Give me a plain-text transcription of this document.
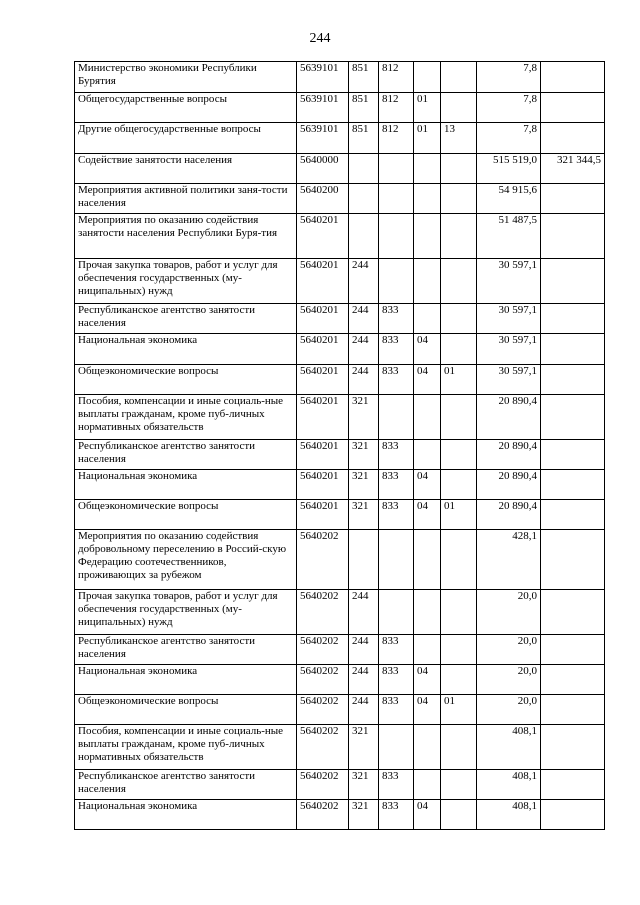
244
Министерство экономики Республики Бурятия	5639101	851	812			7,8	
Общегосударственные вопросы	5639101	851	812	01		7,8	
Другие общегосударственные вопросы	5639101	851	812	01	13	7,8	
Содействие занятости населения	5640000					515 519,0	321 344,5
Мероприятия активной политики заня-тости населения	5640200					54 915,6	
Мероприятия по оказанию содействия занятости населения Республики Буря-тия	5640201					51 487,5	
Прочая закупка товаров, работ и услуг для обеспечения государственных (му-ниципальных) нужд	5640201	244				30 597,1	
Республиканское агентство занятости населения	5640201	244	833			30 597,1	
Национальная экономика	5640201	244	833	04		30 597,1	
Общеэкономические вопросы	5640201	244	833	04	01	30 597,1	
Пособия, компенсации и иные социаль-ные выплаты гражданам, кроме пуб-личных нормативных обязательств	5640201	321				20 890,4	
Республиканское агентство занятости населения	5640201	321	833			20 890,4	
Национальная экономика	5640201	321	833	04		20 890,4	
Общеэкономические вопросы	5640201	321	833	04	01	20 890,4	
Мероприятия по оказанию содействия добровольному переселению в Россий-скую Федерацию соотечественников, проживающих за рубежом	5640202					428,1	
Прочая закупка товаров, работ и услуг для обеспечения государственных (му-ниципальных) нужд	5640202	244				20,0	
Республиканское агентство занятости населения	5640202	244	833			20,0	
Национальная экономика	5640202	244	833	04		20,0	
Общеэкономические вопросы	5640202	244	833	04	01	20,0	
Пособия, компенсации и иные социаль-ные выплаты гражданам, кроме пуб-личных нормативных обязательств	5640202	321				408,1	
Республиканское агентство занятости населения	5640202	321	833			408,1	
Национальная экономика	5640202	321	833	04		408,1	
